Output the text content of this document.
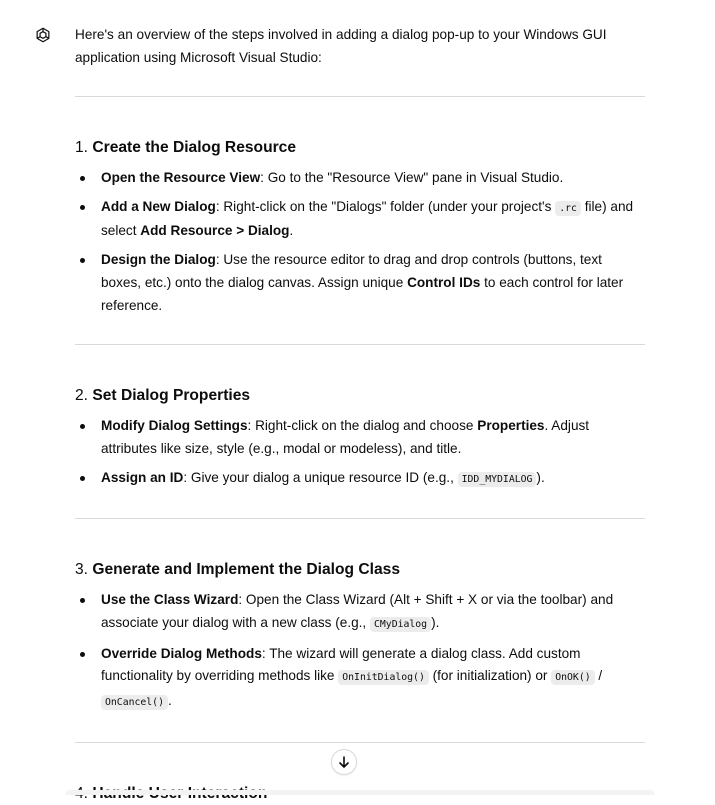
Here's an overview of the steps involved in adding a dialog pop-up to your Windows GUI application using Microsoft Visual Studio:

1. Create the Dialog Resource
Open the Resource View: Go to the "Resource View" pane in Visual Studio.
Add a New Dialog: Right-click on the "Dialogs" folder (under your project's .rc file) and select Add Resource > Dialog.
Design the Dialog: Use the resource editor to drag and drop controls (buttons, text boxes, etc.) onto the dialog canvas. Assign unique Control IDs to each control for later reference.
2. Set Dialog Properties
Modify Dialog Settings: Right-click on the dialog and choose Properties. Adjust attributes like size, style (e.g., modal or modeless), and title.
Assign an ID: Give your dialog a unique resource ID (e.g., IDD_MYDIALOG ).
3. Generate and Implement the Dialog Class
Use the Class Wizard: Open the Class Wizard (Alt + Shift + X or via the toolbar) and associate your dialog with a new class (e.g., CMyDialog ).
Override Dialog Methods: The wizard will generate a dialog class. Add custom functionality by overriding methods like OnInitDialog() (for initialization) or OnOK() / OnCancel() .
